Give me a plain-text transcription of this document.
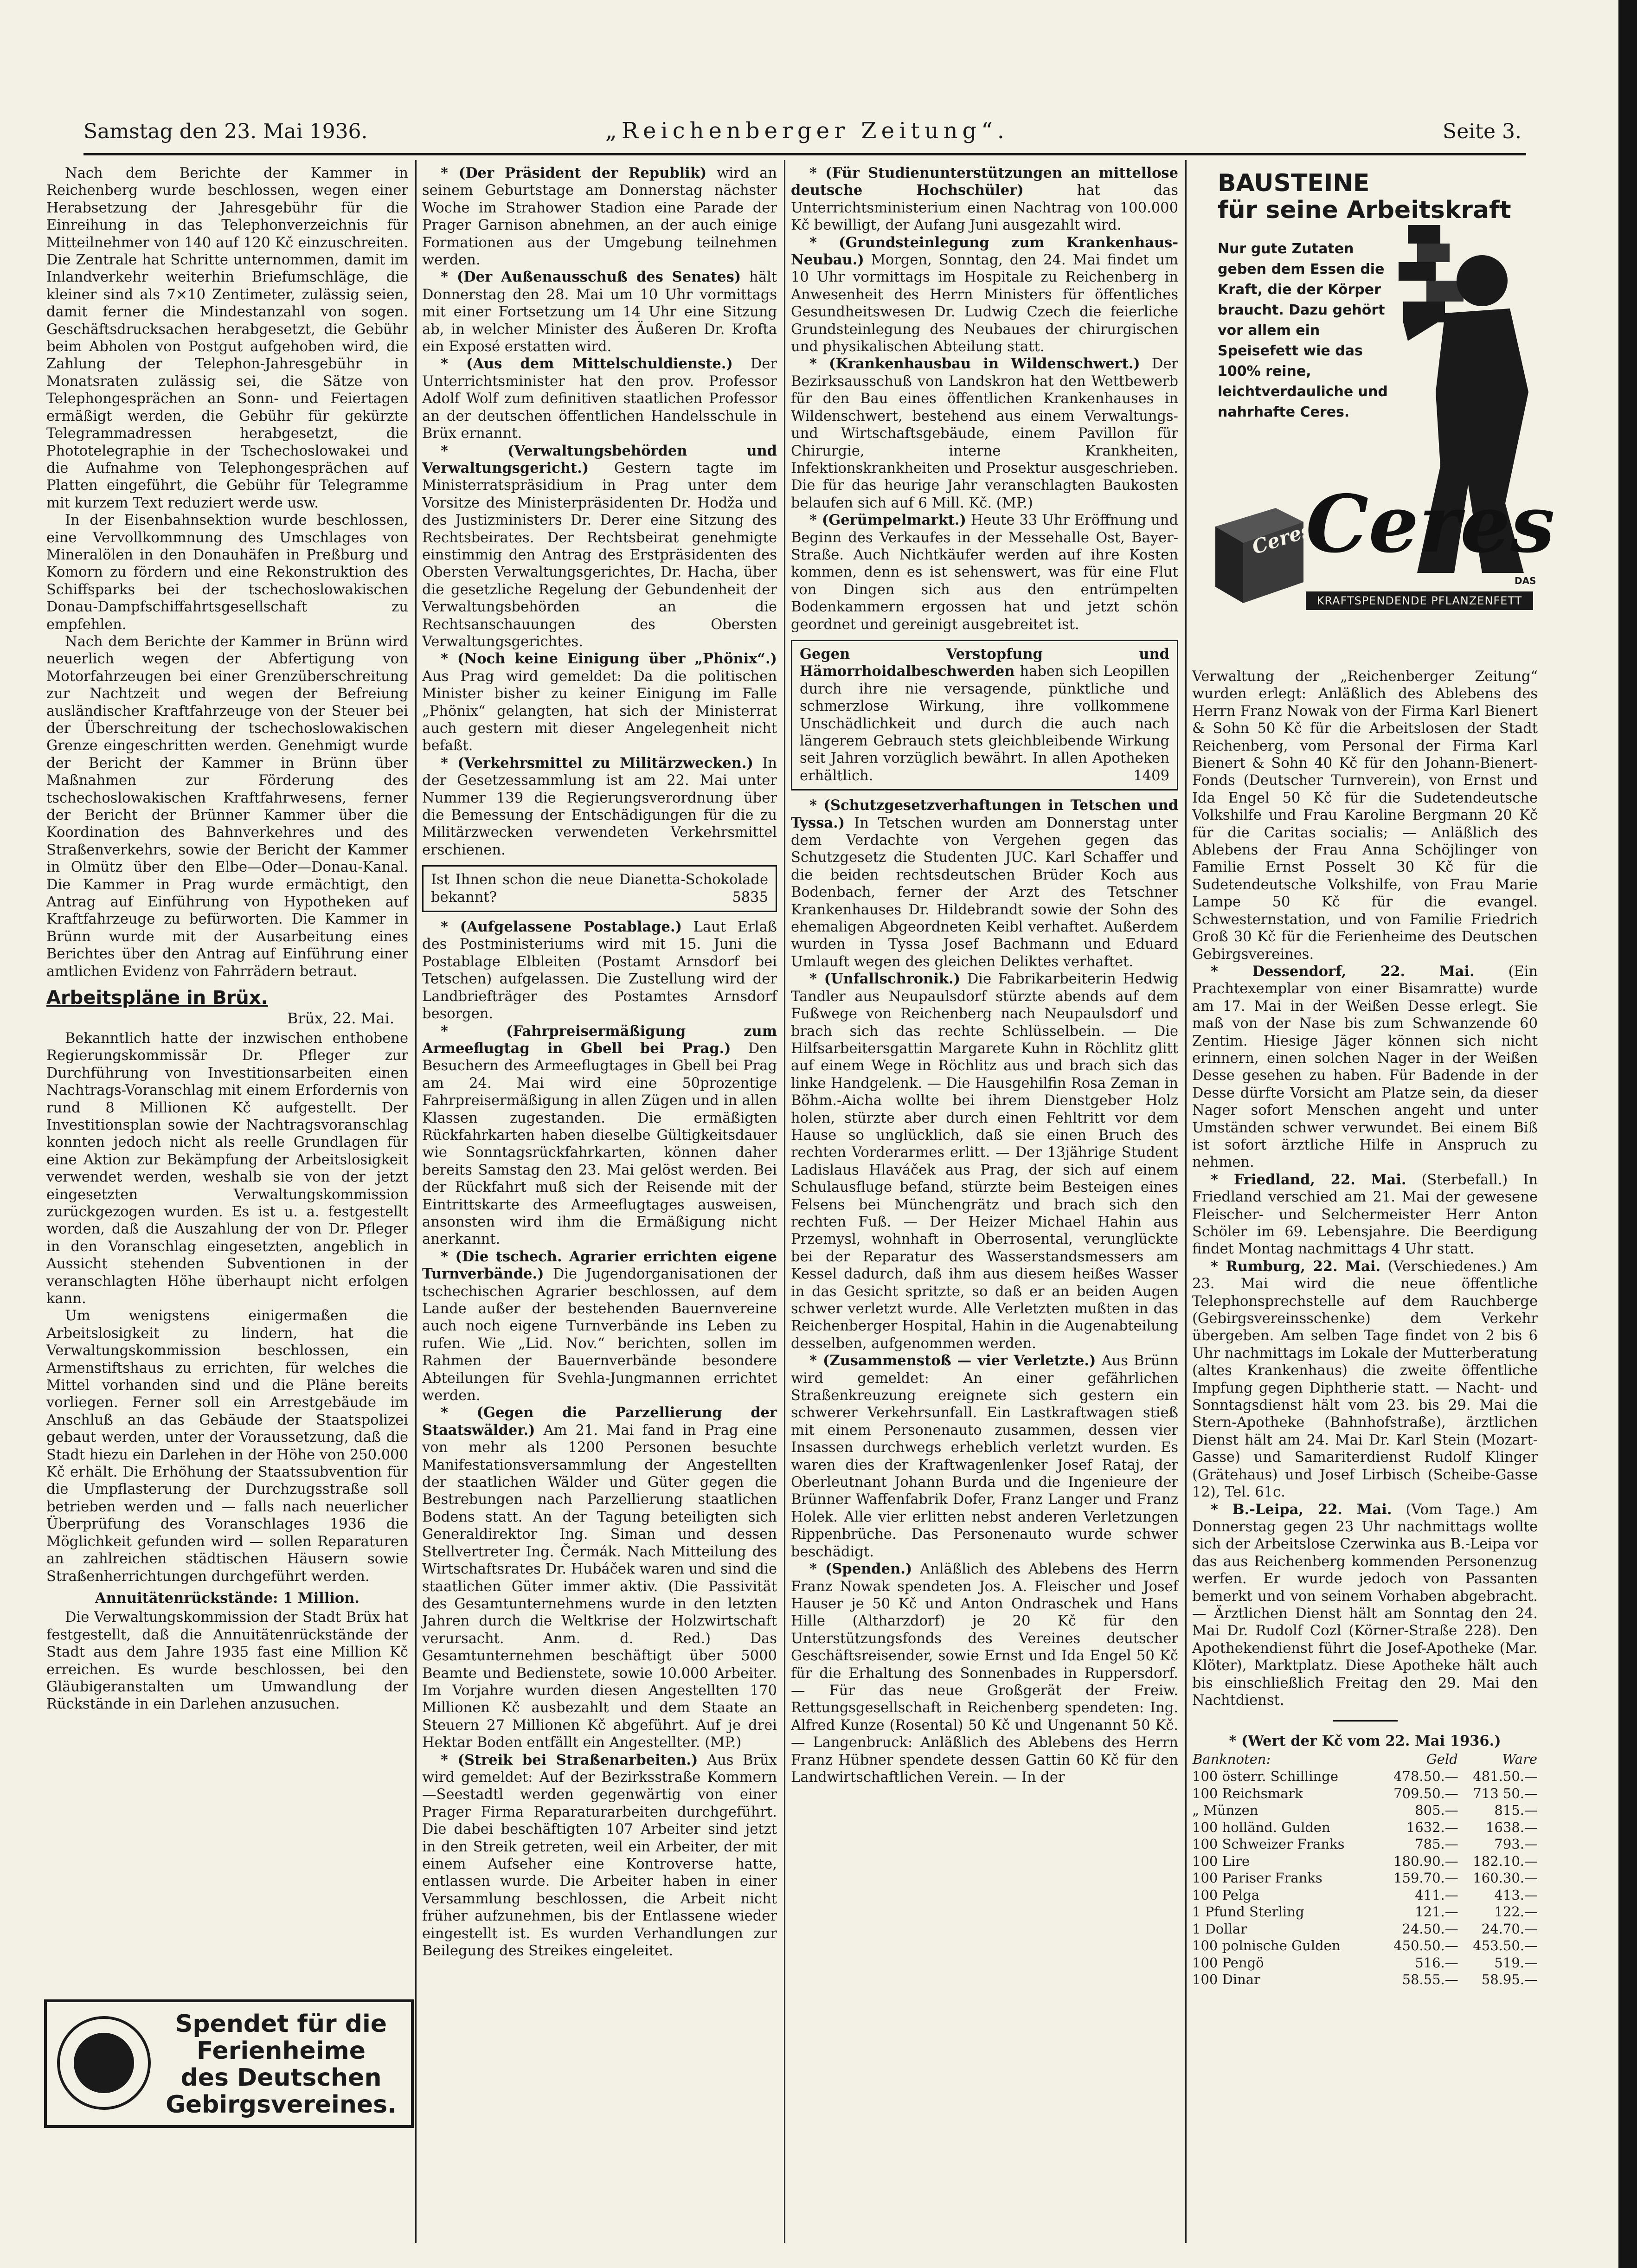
Samstag den 23. Mai 1936.	„Reichenberger Zeitung“.	Seite 3.

Nach dem Berichte der Kammer in Reichenberg wurde beschlossen, wegen einer Herabsetzung der Jahresgebühr für die Einreihung in das Telephonverzeichnis für Mitteilnehmer von 140 auf 120 Kč einzuschreiten. Die Zentrale hat Schritte unternommen, damit im Inlandverkehr weiterhin Briefumschläge, die kleiner sind als 7×10 Zentimeter, zulässig seien, damit ferner die Mindestanzahl von sogen. Geschäftsdrucksachen herabgesetzt, die Gebühr beim Abholen von Postgut aufgehoben wird, die Zahlung der Telephon-Jahresgebühr in Monatsraten zulässig sei, die Sätze von Telephongesprächen an Sonn- und Feiertagen ermäßigt werden, die Gebühr für gekürzte Telegrammadressen herabgesetzt, die Phototelegraphie in der Tschechoslowakei und die Aufnahme von Telephongesprächen auf Platten eingeführt, die Gebühr für Telegramme mit kurzem Text reduziert werde usw.

In der Eisenbahnsektion wurde beschlossen, eine Vervollkommnung des Umschlages von Mineralölen in den Donauhäfen in Preßburg und Komorn zu fördern und eine Rekonstruktion des Schiffsparks bei der tschechoslowakischen Donau-Dampfschiffahrtsgesellschaft zu empfehlen.

Nach dem Berichte der Kammer in Brünn wird neuerlich wegen der Abfertigung von Motorfahrzeugen bei einer Grenzüberschreitung zur Nachtzeit und wegen der Befreiung ausländischer Kraftfahrzeuge von der Steuer bei der Überschreitung der tschechoslowakischen Grenze eingeschritten werden. Genehmigt wurde der Bericht der Kammer in Brünn über Maßnahmen zur Förderung des tschechoslowakischen Kraftfahrwesens, ferner der Bericht der Brünner Kammer über die Koordination des Bahnverkehres und des Straßenverkehrs, sowie der Bericht der Kammer in Olmütz über den Elbe—Oder—Donau-Kanal. Die Kammer in Prag wurde ermächtigt, den Antrag auf Einführung von Hypotheken auf Kraftfahrzeuge zu befürworten. Die Kammer in Brünn wurde mit der Ausarbeitung eines Berichtes über den Antrag auf Einführung einer amtlichen Evidenz von Fahrrädern betraut.

Arbeitspläne in Brüx.
Brüx, 22. Mai.

Bekanntlich hatte der inzwischen enthobene Regierungskommissär Dr. Pfleger zur Durchführung von Investitionsarbeiten einen Nachtrags-Voranschlag mit einem Erfordernis von rund 8 Millionen Kč aufgestellt. Der Investitionsplan sowie der Nachtragsvoranschlag konnten jedoch nicht als reelle Grundlagen für eine Aktion zur Bekämpfung der Arbeitslosigkeit verwendet werden, weshalb sie von der jetzt eingesetzten Verwaltungskommission zurückgezogen wurden. Es ist u. a. festgestellt worden, daß die Auszahlung der von Dr. Pfleger in den Voranschlag eingesetzten, angeblich in Aussicht stehenden Subventionen in der veranschlagten Höhe überhaupt nicht erfolgen kann.

Um wenigstens einigermaßen die Arbeitslosigkeit zu lindern, hat die Verwaltungskommission beschlossen, ein Armenstiftshaus zu errichten, für welches die Mittel vorhanden sind und die Pläne bereits vorliegen. Ferner soll ein Arrestgebäude im Anschluß an das Gebäude der Staatspolizei gebaut werden, unter der Voraussetzung, daß die Stadt hiezu ein Darlehen in der Höhe von 250.000 Kč erhält. Die Erhöhung der Staatssubvention für die Umpflasterung der Durchzugsstraße soll betrieben werden und — falls nach neuerlicher Überprüfung des Voranschlages 1936 die Möglichkeit gefunden wird — sollen Reparaturen an zahlreichen städtischen Häusern sowie Straßenherrichtungen durchgeführt werden.

Annuitätenrückstände: 1 Million.

Die Verwaltungskommission der Stadt Brüx hat festgestellt, daß die Annuitätenrückstände der Stadt aus dem Jahre 1935 fast eine Million Kč erreichen. Es wurde beschlossen, bei den Gläubigeranstalten um Umwandlung der Rückstände in ein Darlehen anzusuchen.

Spendet für die
Ferienheime
des Deutschen
Gebirgsvereines.

* (Der Präsident der Republik) wird an seinem Geburtstage am Donnerstag nächster Woche im Strahower Stadion eine Parade der Prager Garnison abnehmen, an der auch einige Formationen aus der Umgebung teilnehmen werden.

* (Der Außenausschuß des Senates) hält Donnerstag den 28. Mai um 10 Uhr vormittags mit einer Fortsetzung um 14 Uhr eine Sitzung ab, in welcher Minister des Äußeren Dr. Krofta ein Exposé erstatten wird.

* (Aus dem Mittelschuldienste.) Der Unterrichtsminister hat den prov. Professor Adolf Wolf zum definitiven staatlichen Professor an der deutschen öffentlichen Handelsschule in Brüx ernannt.

* (Verwaltungsbehörden und Verwaltungsgericht.) Gestern tagte im Ministerratspräsidium in Prag unter dem Vorsitze des Ministerpräsidenten Dr. Hodža und des Justizministers Dr. Derer eine Sitzung des Rechtsbeirates. Der Rechtsbeirat genehmigte einstimmig den Antrag des Erstpräsidenten des Obersten Verwaltungsgerichtes, Dr. Hacha, über die gesetzliche Regelung der Gebundenheit der Verwaltungsbehörden an die Rechtsanschauungen des Obersten Verwaltungsgerichtes.

* (Noch keine Einigung über „Phönix“.) Aus Prag wird gemeldet: Da die politischen Minister bisher zu keiner Einigung im Falle „Phönix“ gelangten, hat sich der Ministerrat auch gestern mit dieser Angelegenheit nicht befaßt.

* (Verkehrsmittel zu Militärzwecken.) In der Gesetzessammlung ist am 22. Mai unter Nummer 139 die Regierungsverordnung über die Bemessung der Entschädigungen für die zu Militärzwecken verwendeten Verkehrsmittel erschienen.

Ist Ihnen schon die neue Dianetta-Schokolade bekannt?	5835

* (Aufgelassene Postablage.) Laut Erlaß des Postministeriums wird mit 15. Juni die Postablage Elbleiten (Postamt Arnsdorf bei Tetschen) aufgelassen. Die Zustellung wird der Landbriefträger des Postamtes Arnsdorf besorgen.

* (Fahrpreisermäßigung zum Armeeflugtag in Gbell bei Prag.) Den Besuchern des Armeeflugtages in Gbell bei Prag am 24. Mai wird eine 50prozentige Fahrpreisermäßigung in allen Zügen und in allen Klassen zugestanden. Die ermäßigten Rückfahrkarten haben dieselbe Gültigkeitsdauer wie Sonntagsrückfahrkarten, können daher bereits Samstag den 23. Mai gelöst werden. Bei der Rückfahrt muß sich der Reisende mit der Eintrittskarte des Armeeflugtages ausweisen, ansonsten wird ihm die Ermäßigung nicht anerkannt.

* (Die tschech. Agrarier errichten eigene Turnverbände.) Die Jugendorganisationen der tschechischen Agrarier beschlossen, auf dem Lande außer der bestehenden Bauernvereine auch noch eigene Turnverbände ins Leben zu rufen. Wie „Lid. Nov.“ berichten, sollen im Rahmen der Bauernverbände besondere Abteilungen für Svehla-Jungmannen errichtet werden.

* (Gegen die Parzellierung der Staatswälder.) Am 21. Mai fand in Prag eine von mehr als 1200 Personen besuchte Manifestationsversammlung der Angestellten der staatlichen Wälder und Güter gegen die Bestrebungen nach Parzellierung staatlichen Bodens statt. An der Tagung beteiligten sich Generaldirektor Ing. Siman und dessen Stellvertreter Ing. Čermák. Nach Mitteilung des Wirtschaftsrates Dr. Hubáček waren und sind die staatlichen Güter immer aktiv. (Die Passivität des Gesamtunternehmens wurde in den letzten Jahren durch die Weltkrise der Holzwirtschaft verursacht. Anm. d. Red.) Das Gesamtunternehmen beschäftigt über 5000 Beamte und Bedienstete, sowie 10.000 Arbeiter. Im Vorjahre wurden diesen Angestellten 170 Millionen Kč ausbezahlt und dem Staate an Steuern 27 Millionen Kč abgeführt. Auf je drei Hektar Boden entfällt ein Angestellter. (MP.)

* (Streik bei Straßenarbeiten.) Aus Brüx wird gemeldet: Auf der Bezirksstraße Kommern—Seestadtl werden gegenwärtig von einer Prager Firma Reparaturarbeiten durchgeführt. Die dabei beschäftigten 107 Arbeiter sind jetzt in den Streik getreten, weil ein Arbeiter, der mit einem Aufseher eine Kontroverse hatte, entlassen wurde. Die Arbeiter haben in einer Versammlung beschlossen, die Arbeit nicht früher aufzunehmen, bis der Entlassene wieder eingestellt ist. Es wurden Verhandlungen zur Beilegung des Streikes eingeleitet.

* (Für Studienunterstützungen an mittellose deutsche Hochschüler)	hat das Unterrichtsministerium einen Nachtrag von 100.000 Kč bewilligt, der Aufang Juni ausgezahlt wird.

* (Grundsteinlegung zum Krankenhaus-Neubau.) Morgen, Sonntag, den 24. Mai findet um 10 Uhr vormittags im Hospitale zu Reichenberg in Anwesenheit des Herrn Ministers für öffentliches Gesundheitswesen Dr. Ludwig Czech die feierliche Grundsteinlegung des Neubaues der chirurgischen und physikalischen Abteilung statt.

* (Krankenhausbau in Wildenschwert.) Der Bezirksausschuß von Landskron hat den Wettbewerb für den Bau eines öffentlichen Krankenhauses in Wildenschwert, bestehend aus einem Verwaltungs- und Wirtschaftsgebäude, einem Pavillon für Chirurgie, interne Krankheiten, Infektionskrankheiten und Prosektur ausgeschrieben. Die für das heurige Jahr veranschlagten Baukosten belaufen sich auf 6 Mill. Kč. (MP.)

* (Gerümpelmarkt.) Heute 33 Uhr Eröffnung und Beginn des Verkaufes in der Messehalle Ost, Bayer-Straße. Auch Nichtkäufer werden auf ihre Kosten kommen, denn es ist sehenswert, was für eine Flut von Dingen sich aus den entrümpelten Bodenkammern ergossen hat und jetzt schön geordnet und gereinigt ausgebreitet ist.

Gegen Verstopfung und Hämorrhoidalbeschwerden haben sich Leopillen durch ihre nie versagende, pünktliche und schmerzlose Wirkung, ihre vollkommene Unschädlichkeit und durch die auch nach längerem Gebrauch stets gleichbleibende Wirkung seit Jahren vorzüglich bewährt. In allen Apotheken erhältlich.	1409

* (Schutzgesetzverhaftungen in Tetschen und Tyssa.) In Tetschen wurden am Donnerstag unter dem Verdachte von Vergehen gegen das Schutzgesetz die Studenten JUC. Karl Schaffer und die beiden rechtsdeutschen Brüder Koch aus Bodenbach, ferner der Arzt des Tetschner Krankenhauses Dr. Hildebrandt sowie der Sohn des ehemaligen Abgeordneten Keibl verhaftet. Außerdem wurden in Tyssa Josef Bachmann und Eduard Umlauft wegen des gleichen Deliktes verhaftet.

* (Unfallschronik.) Die Fabrikarbeiterin Hedwig Tandler aus Neupaulsdorf stürzte abends auf dem Fußwege von Reichenberg nach Neupaulsdorf und brach sich das rechte Schlüsselbein. — Die Hilfsarbeitersgattin Margarete Kuhn in Röchlitz glitt auf einem Wege in Röchlitz aus und brach sich das linke Handgelenk. — Die Hausgehilfin Rosa Zeman in Böhm.-Aicha wollte bei ihrem Dienstgeber Holz holen, stürzte aber durch einen Fehltritt vor dem Hause so unglücklich, daß sie einen Bruch des rechten Vorderarmes erlitt. — Der 13jährige Student Ladislaus Hlaváček aus Prag, der sich auf einem Schulausfluge befand, stürzte beim Besteigen eines Felsens bei Münchengrätz und brach sich den rechten Fuß. — Der Heizer Michael Hahin aus Przemysl, wohnhaft in Oberrosental, verunglückte bei der Reparatur des Wasserstandsmessers am Kessel dadurch, daß ihm aus diesem heißes Wasser in das Gesicht spritzte, so daß er an beiden Augen schwer verletzt wurde. Alle Verletzten mußten in das Reichenberger Hospital, Hahin in die Augenabteilung desselben, aufgenommen werden.

* (Zusammenstoß — vier Verletzte.) Aus Brünn wird gemeldet: An einer gefährlichen Straßenkreuzung ereignete sich gestern ein schwerer Verkehrsunfall. Ein Lastkraftwagen stieß mit einem Personenauto zusammen, dessen vier Insassen durchwegs erheblich verletzt wurden. Es waren dies der Kraftwagenlenker Josef Rataj, der Oberleutnant Johann Burda und die Ingenieure der Brünner Waffenfabrik Dofer, Franz Langer und Franz Holek. Alle vier erlitten nebst anderen Verletzungen Rippenbrüche. Das Personenauto wurde schwer beschädigt.

* (Spenden.) Anläßlich des Ablebens des Herrn Franz Nowak spendeten Jos. A. Fleischer und Josef Hauser je 50 Kč und Anton Ondraschek und Hans Hille (Altharzdorf) je 20 Kč für den Unterstützungsfonds des Vereines deutscher Geschäftsreisender, sowie Ernst und Ida Engel 50 Kč für die Erhaltung des Sonnenbades in Ruppersdorf. — Für das neue Großgerät der Freiw. Rettungsgesellschaft in Reichenberg spendeten: Ing. Alfred Kunze (Rosental) 50 Kč und Ungenannt 50 Kč. — Langenbruck: Anläßlich des Ablebens des Herrn Franz Hübner spendete dessen Gattin 60 Kč für den Landwirtschaftlichen Verein. — In der

BAUSTEINE
für seine Arbeitskraft
Nur gute Zutaten geben dem Essen die Kraft, die der Körper braucht. Dazu gehört vor allem ein Speisefett wie das 100% reine, leichtverdauliche und nahrhafte Ceres.
Ceres
Ceres
DAS
KRAFTSPENDENDE PFLANZENFETT

Verwaltung der „Reichenberger Zeitung“ wurden erlegt: Anläßlich des Ablebens des Herrn Franz Nowak von der Firma Karl Bienert & Sohn 50 Kč für die Arbeitslosen der Stadt Reichenberg, vom Personal der Firma Karl Bienert & Sohn 40 Kč für den Johann-Bienert-Fonds (Deutscher Turnverein), von Ernst und Ida Engel 50 Kč für die Sudetendeutsche Volkshilfe und Frau Karoline Bergmann 20 Kč für die Caritas socialis; — Anläßlich des Ablebens der Frau Anna Schöjlinger von Familie Ernst Posselt 30 Kč für die Sudetendeutsche Volkshilfe, von Frau Marie Lampe 50 Kč für die evangel. Schwesternstation, und von Familie Friedrich Groß 30 Kč für die Ferienheime des Deutschen Gebirgsvereines.

* Dessendorf, 22. Mai. (Ein Prachtexemplar von einer Bisamratte) wurde am 17. Mai in der Weißen Desse erlegt. Sie maß von der Nase bis zum Schwanzende 60 Zentim. Hiesige Jäger können sich nicht erinnern, einen solchen Nager in der Weißen Desse gesehen zu haben. Für Badende in der Desse dürfte Vorsicht am Platze sein, da dieser Nager sofort Menschen angeht und unter Umständen schwer verwundet. Bei einem Biß ist sofort ärztliche Hilfe in Anspruch zu nehmen.

* Friedland, 22. Mai. (Sterbefall.) In Friedland verschied am 21. Mai der gewesene Fleischer- und Selchermeister Herr Anton Schöler im 69. Lebensjahre. Die Beerdigung findet Montag nachmittags 4 Uhr statt.

* Rumburg, 22. Mai. (Verschiedenes.) Am 23. Mai wird die neue öffentliche Telephonsprechstelle auf dem Rauchberge (Gebirgsvereinsschenke) dem Verkehr übergeben. Am selben Tage findet von 2 bis 6 Uhr nachmittags im Lokale der Mutterberatung (altes Krankenhaus) die zweite öffentliche Impfung gegen Diphtherie statt. — Nacht- und Sonntagsdienst hält vom 23. bis 29. Mai die Stern-Apotheke (Bahnhofstraße), ärztlichen Dienst hält am 24. Mai Dr. Karl Stein (Mozart-Gasse) und Samariterdienst Rudolf Klinger (Grätehaus) und Josef Lirbisch (Scheibe-Gasse 12), Tel. 61c.

* B.-Leipa, 22. Mai. (Vom Tage.) Am Donnerstag gegen 23 Uhr nachmittags wollte sich der Arbeitslose Czerwinka aus B.-Leipa vor das aus Reichenberg kommenden Personenzug werfen. Er wurde jedoch von Passanten bemerkt und von seinem Vorhaben abgebracht. — Ärztlichen Dienst hält am Sonntag den 24. Mai Dr. Rudolf Cozl (Körner-Straße 228). Den Apothekendienst führt die Josef-Apotheke (Mar. Klöter), Marktplatz. Diese Apotheke hält auch bis einschließlich Freitag den 29. Mai den Nachtdienst.

* (Wert der Kč vom 22. Mai 1936.)
Banknoten:	Geld	Ware
100 österr. Schillinge	478.50.—	481.50.—
100 Reichsmark	709.50.—	713 50.—
„ Münzen	805.—	815.—
100 holländ. Gulden	1632.—	1638.—
100 Schweizer Franks	785.—	793.—
100 Lire	180.90.—	182.10.—
100 Pariser Franks	159.70.—	160.30.—
100 Pelga	411.—	413.—
1 Pfund Sterling	121.—	122.—
1 Dollar	24.50.—	24.70.—
100 polnische Gulden	450.50.—	453.50.—
100 Pengö	516.—	519.—
100 Dinar	58.55.—	58.95.—
